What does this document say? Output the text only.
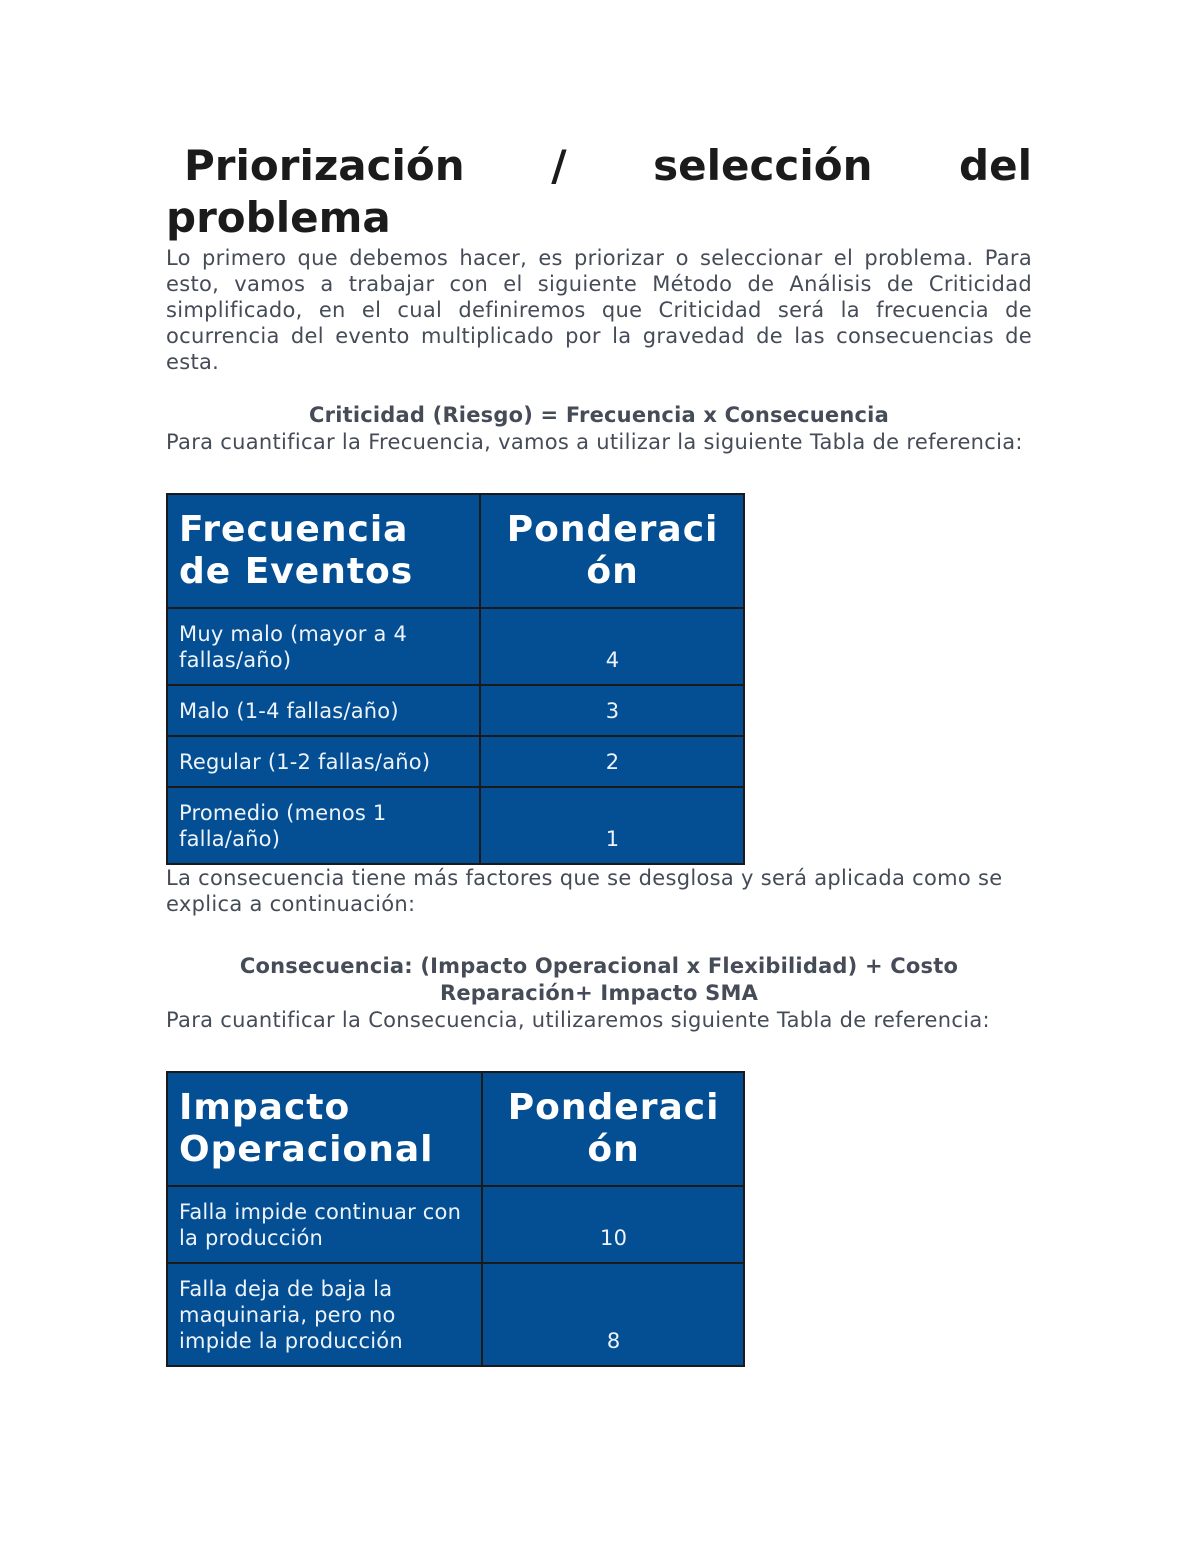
Priorización / selección del
problema

Lo primero que debemos hacer, es priorizar o seleccionar el problema. Para esto, vamos a trabajar con el siguiente Método de Análisis de Criticidad simplificado, en el cual definiremos que Criticidad será la frecuencia de ocurrencia del evento multiplicado por la gravedad de las consecuencias de esta.

Criticidad (Riesgo) = Frecuencia x Consecuencia

Para cuantificar la Frecuencia, vamos a utilizar la siguiente Tabla de referencia:

Frecuencia de Eventos	Ponderaci
ón
Muy malo (mayor a 4 fallas/año)	4
Malo (1-4 fallas/año)	3
Regular (1-2 fallas/año)	2
Promedio (menos 1 falla/año)	1

La consecuencia tiene más factores que se desglosa y será aplicada como se explica a continuación:

Consecuencia: (Impacto Operacional x Flexibilidad) + Costo

Reparación+ Impacto SMA

Para cuantificar la Consecuencia, utilizaremos siguiente Tabla de referencia:

Impacto Operacional	Ponderaci
ón
Falla impide continuar con la producción	10
Falla deja de baja la maquinaria, pero no impide la producción	8
